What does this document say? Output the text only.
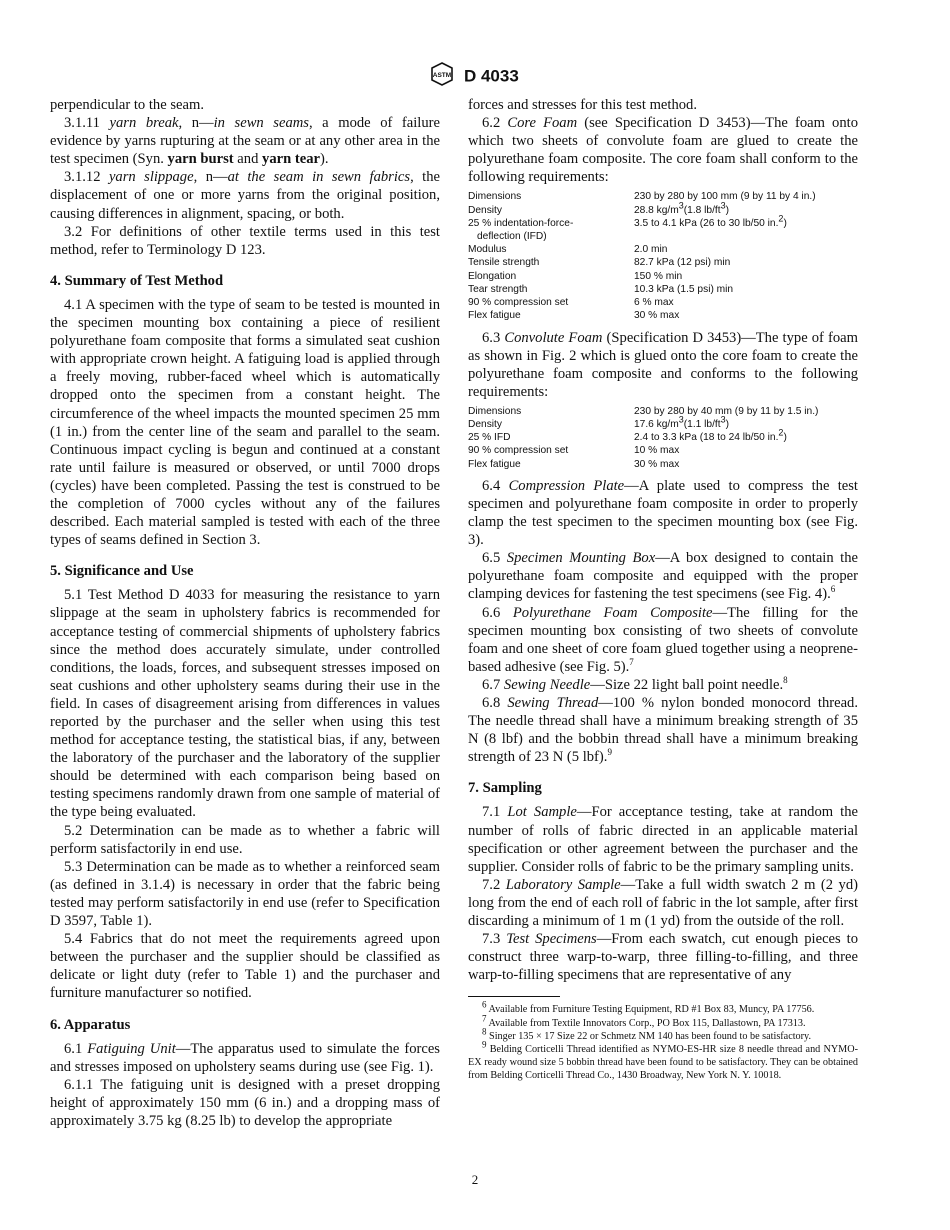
ASTM D 4033

perpendicular to the seam.

3.1.11 yarn break, n—in sewn seams, a mode of failure evidence by yarns rupturing at the seam or at any other area in the test specimen (Syn. yarn burst and yarn tear).

3.1.12 yarn slippage, n—at the seam in sewn fabrics, the displacement of one or more yarns from the original position, causing differences in alignment, spacing, or both.

3.2 For definitions of other textile terms used in this test method, refer to Terminology D 123.

4. Summary of Test Method

4.1 A specimen with the type of seam to be tested is mounted in the specimen mounting box containing a piece of resilient polyurethane foam composite that forms a simulated seat cushion with appropriate crown height. A fatiguing load is applied through a freely moving, rubber-faced wheel which is automatically dropped onto the specimen from a constant height. The circumference of the wheel impacts the mounted specimen 25 mm (1 in.) from the center line of the seam and parallel to the seam. Continuous impact cycling is begun and continued at a constant rate until failure is measured or observed, or until 7000 drops (cycles) have been completed. Passing the test is construed to be the completion of 7000 cycles without any of the failures described. Each material sampled is tested with each of the three types of seams defined in Section 3.

5. Significance and Use

5.1 Test Method D 4033 for measuring the resistance to yarn slippage at the seam in upholstery fabrics is recommended for acceptance testing of commercial shipments of upholstery fabrics since the method does accurately simulate, under controlled conditions, the loads, forces, and subsequent stresses imposed on seat cushions and other upholstery seams during their use in the field. In cases of disagreement arising from differences in values reported by the purchaser and the seller when using this test method for acceptance testing, the statistical bias, if any, between the laboratory of the purchaser and the laboratory of the supplier should be determined with each comparison being based on testing specimens randomly drawn from one sample of material of the type being evaluated.

5.2 Determination can be made as to whether a fabric will perform satisfactorily in end use.

5.3 Determination can be made as to whether a reinforced seam (as defined in 3.1.4) is necessary in order that the fabric being tested may perform satisfactorily in end use (refer to Specification D 3597, Table 1).

5.4 Fabrics that do not meet the requirements agreed upon between the purchaser and the supplier should be classified as delicate or light duty (refer to Table 1) and the purchaser and furniture manufacturer so notified.

6. Apparatus

6.1 Fatiguing Unit—The apparatus used to simulate the forces and stresses imposed on upholstery seams during use (see Fig. 1).

6.1.1 The fatiguing unit is designed with a preset dropping height of approximately 150 mm (6 in.) and a dropping mass of approximately 3.75 kg (8.25 lb) to develop the appropriate

forces and stresses for this test method.

6.2 Core Foam (see Specification D 3453)—The foam onto which two sheets of convolute foam are glued to create the polyurethane foam composite. The core foam shall conform to the following requirements:

Dimensions	230 by 280 by 100 mm (9 by 11 by 4 in.)
Density	28.8 $kg/m^3(1.8$ $lb/ft^3$)
25 % indentation-force-
deflection (IFD)	3.5 to 4.1 kPa (26 to 30 lb/50 in.$^2$)
Modulus	2.0 min
Tensile strength	82.7 kPa (12 psi) min
Elongation	150 % min
Tear strength	10.3 kPa (1.5 psi) min
90 % compression set	6 % max
Flex fatigue	30 % max

6.3 Convolute Foam (Specification D 3453)—The type of foam as shown in Fig. 2 which is glued onto the core foam to create the polyurethane foam composite and conforms to the following requirements:

Dimensions	230 by 280 by 40 mm (9 by 11 by 1.5 in.)
Density	17.6 $kg/m^3(1.1$ $lb/ft^3$)
25 % IFD	2.4 to 3.3 kPa (18 to 24 lb/50 in.$^2$)
90 % compression set	10 % max
Flex fatigue	30 % max

6.4 Compression Plate—A plate used to compress the test specimen and polyurethane foam composite in order to properly clamp the test specimen to the specimen mounting box (see Fig. 3).

6.5 Specimen Mounting Box—A box designed to contain the polyurethane foam composite and equipped with the proper clamping devices for fastening the test specimens (see Fig. 4).$^6$

6.6 Polyurethane Foam Composite—The filling for the specimen mounting box consisting of two sheets of convolute foam and one sheet of core foam glued together using a neoprene-based adhesive (see Fig. 5).$^7$

6.7 Sewing Needle—Size 22 light ball point needle.$^8$

6.8 Sewing Thread—100 % nylon bonded monocord thread. The needle thread shall have a minimum breaking strength of 35 N (8 lbf) and the bobbin thread shall have a minimum breaking strength of 23 N (5 lbf).$^9$

7. Sampling

7.1 Lot Sample—For acceptance testing, take at random the number of rolls of fabric directed in an applicable material specification or other agreement between the purchaser and the supplier. Consider rolls of fabric to be the primary sampling units.

7.2 Laboratory Sample—Take a full width swatch 2 m (2 yd) long from the end of each roll of fabric in the lot sample, after first discarding a minimum of 1 m (1 yd) from the outside of the roll.

7.3 Test Specimens—From each swatch, cut enough pieces to construct three warp-to-warp, three filling-to-filling, and three warp-to-filling specimens that are representative of any

$^6$ Available from Furniture Testing Equipment, RD #1 Box 83, Muncy, PA 17756.

$^7$ Available from Textile Innovators Corp., PO Box 115, Dallastown, PA 17313.

$^8$ Singer 135 × 17 Size 22 or Schmetz NM 140 has been found to be satisfactory.

$^9$ Belding Corticelli Thread identified as NYMO-ES-HR size 8 needle thread and NYMO-EX ready wound size 5 bobbin thread have been found to be satisfactory. They can be obtained from Belding Corticelli Thread Co., 1430 Broadway, New York N. Y. 10018.

2
